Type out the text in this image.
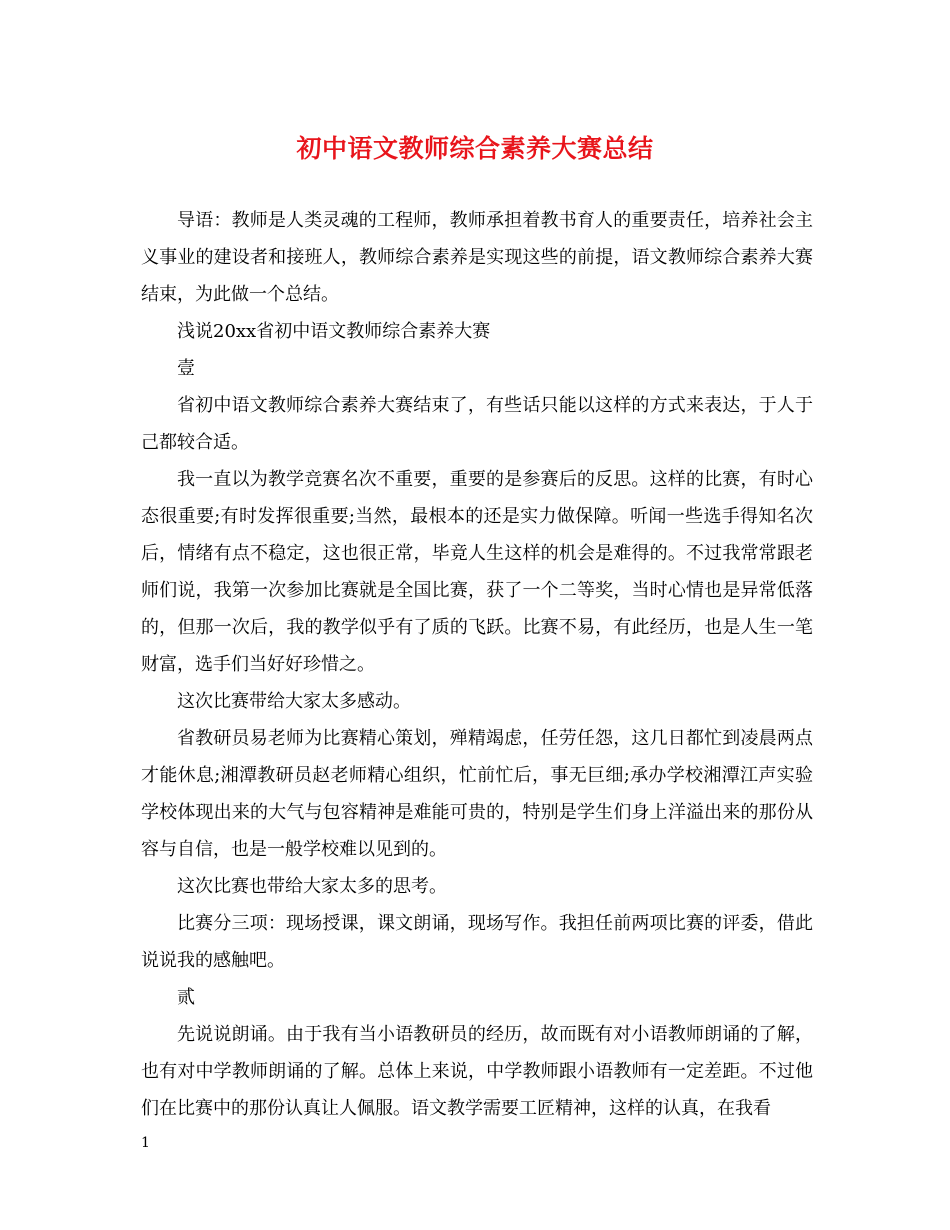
初中语文教师综合素养大赛总结

导语：教师是人类灵魂的工程师，教师承担着教书育人的重要责任，培养社会主义事业的建设者和接班人，教师综合素养是实现这些的前提，语文教师综合素养大赛结束，为此做一个总结。

浅说20xx省初中语文教师综合素养大赛

壹

省初中语文教师综合素养大赛结束了，有些话只能以这样的方式来表达，于人于己都较合适。

我一直以为教学竞赛名次不重要，重要的是参赛后的反思。这样的比赛，有时心态很重要;有时发挥很重要;当然，最根本的还是实力做保障。听闻一些选手得知名次后，情绪有点不稳定，这也很正常，毕竟人生这样的机会是难得的。不过我常常跟老师们说，我第一次参加比赛就是全国比赛，获了一个二等奖，当时心情也是异常低落的，但那一次后，我的教学似乎有了质的飞跃。比赛不易，有此经历，也是人生一笔财富，选手们当好好珍惜之。

这次比赛带给大家太多感动。

省教研员易老师为比赛精心策划，殚精竭虑，任劳任怨，这几日都忙到凌晨两点才能休息;湘潭教研员赵老师精心组织，忙前忙后，事无巨细;承办学校湘潭江声实验学校体现出来的大气与包容精神是难能可贵的，特别是学生们身上洋溢出来的那份从容与自信，也是一般学校难以见到的。

这次比赛也带给大家太多的思考。

比赛分三项：现场授课，课文朗诵，现场写作。我担任前两项比赛的评委，借此说说我的感触吧。

贰

先说说朗诵。由于我有当小语教研员的经历，故而既有对小语教师朗诵的了解，也有对中学教师朗诵的了解。总体上来说，中学教师跟小语教师有一定差距。不过他们在比赛中的那份认真让人佩服。语文教学需要工匠精神，这样的认真，在我看

1
